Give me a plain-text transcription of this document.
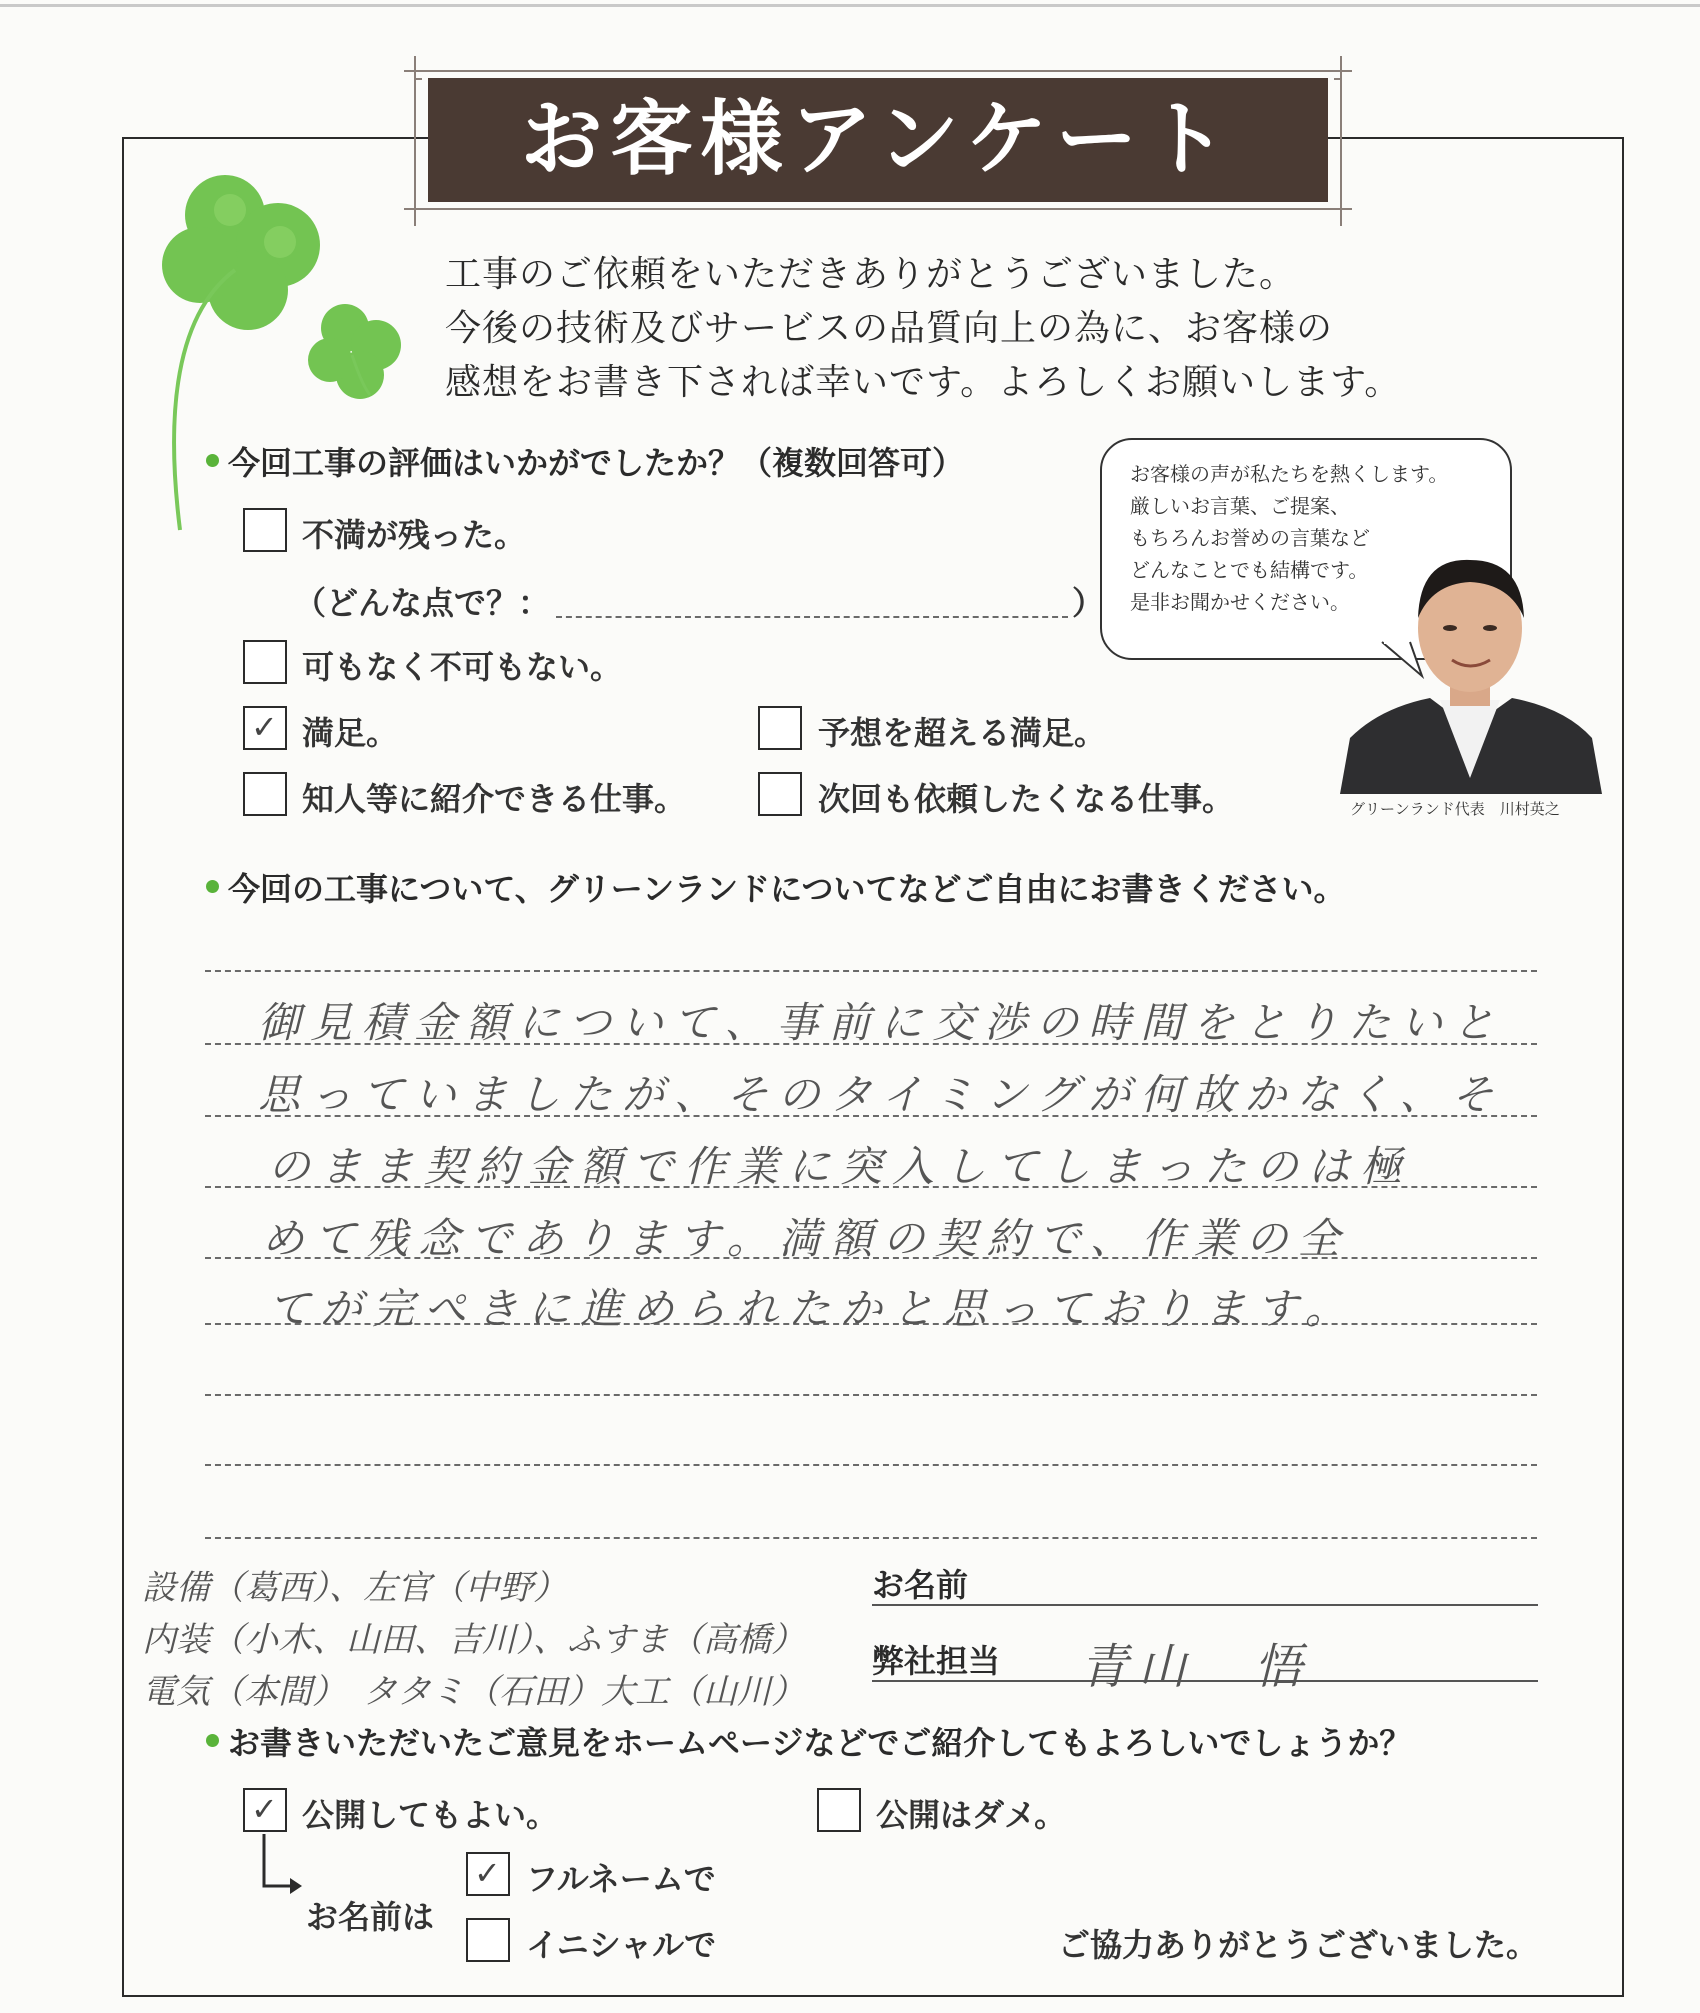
お客様アンケート
工事のご依頼をいただきありがとうございました。
今後の技術及びサービスの品質向上の為に、お客様の
感想をお書き下されば幸いです。よろしくお願いします。
お客様の声が私たちを熱くします。
厳しいお言葉、ご提案、
もちろんお誉めの言葉など
どんなことでも結構です。
是非お聞かせください。
グリーンランド代表　川村英之
今回工事の評価はいかがでしたか？（複数回答可）
不満が残った。
（どんな点で？：	）
可もなく不可もない。
✓ 満足。	予想を超える満足。
知人等に紹介できる仕事。	次回も依頼したくなる仕事。
今回の工事について、グリーンランドについてなどご自由にお書きください。
御見積金額について、事前に交渉の時間をとりたいと
思っていましたが、そのタイミングが何故かなく、そ
のまま契約金額で作業に突入してしまったのは極
めて残念であります。満額の契約で、作業の全
てが完ぺきに進められたかと思っております。
設備（葛西）、左官（中野）
内装（小木、山田、吉川）、ふすま（高橋）
電気（本間）　タタミ（石田）大工（山川）
お名前
弊社担当 青山　悟
お書きいただいたご意見をホームページなどでご紹介してもよろしいでしょうか？
✓ 公開してもよい。	公開はダメ。
お名前は
✓ フルネームで
イニシャルで	ご協力ありがとうございました。
